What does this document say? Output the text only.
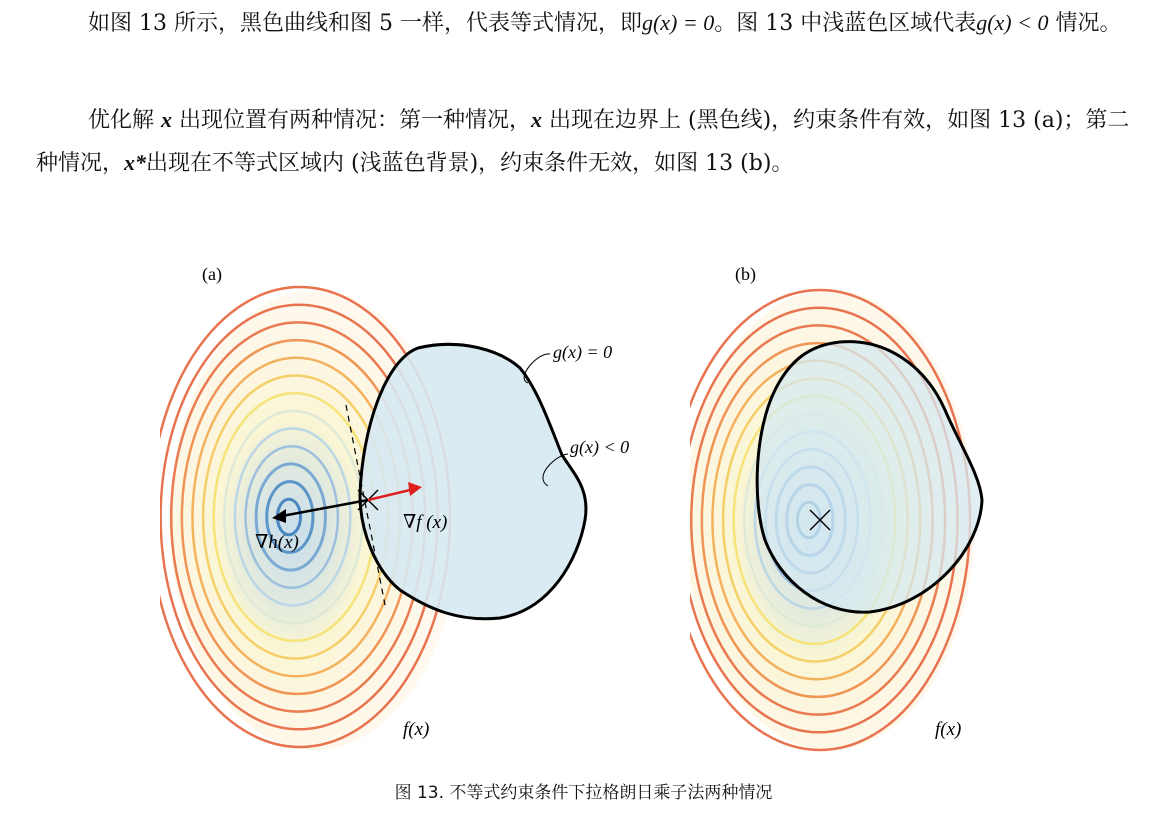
如图 13 所示，黑色曲线和图 5 一样，代表等式情况，即g(x) = 0。图 13 中浅蓝色区域代表g(x) < 0 情况。
优化解 x 出现位置有两种情况：第一种情况，x 出现在边界上 (黑色线)，约束条件有效，如图 13 (a)；第二种情况，x*出现在不等式区域内 (浅蓝色背景)，约束条件无效，如图 13 (b)。
(a)
g(x) = 0
g(x) < 0
∇f (x)
∇h(x)
f(x)
(b)
f(x)
图 13. 不等式约束条件下拉格朗日乘子法两种情况
